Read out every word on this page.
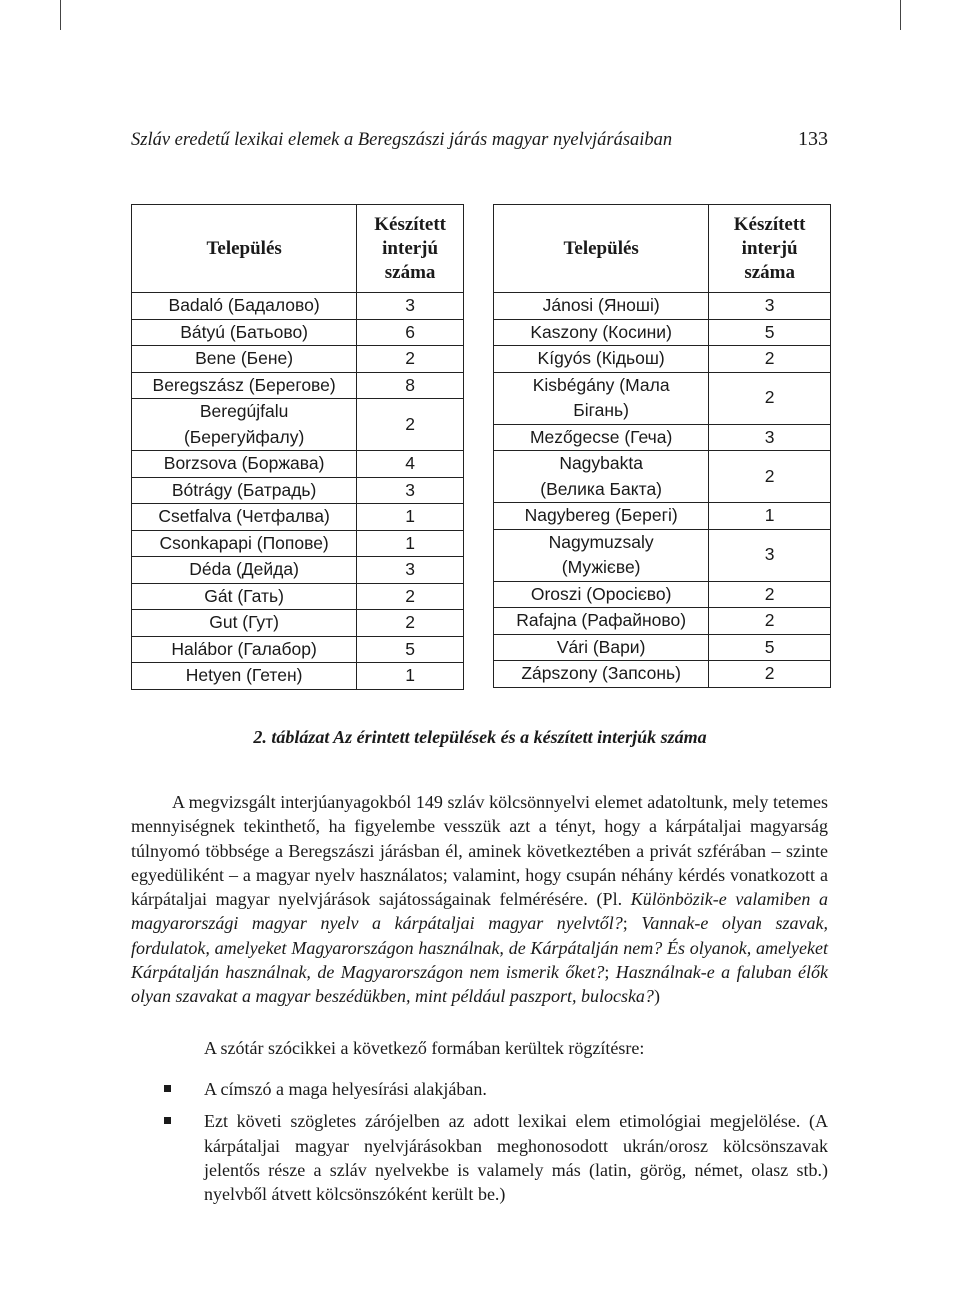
Szláv eredetű lexikai elemek a Beregszászi járás magyar nyelvjárásaiban	133
Település	Készített
interjú
száma
Badaló (Бадалово)	3
Bátyú (Батьово)	6
Bene (Бене)	2
Beregszász (Берегове)	8

Beregújfalu
(Берегуйфалу)	2
Borzsova (Боржава)	4
Bótrágy (Батрадь)	3
Csetfalva (Четфалва)	1
Csonkapapi (Попове)	1
Déda (Дейда)	3
Gát (Гать)	2
Gut (Гут)	2
Halábor (Галабор)	5
Hetyen (Гетен)	1
Település	Készített
interjú
száma
Jánosi (Яноші)	3
Kaszony (Косини)	5
Kígyós (Кідьош)	2

Kisbégány (Мала
Бігань)	2
Mezőgecse (Геча)	3

Nagybakta
(Велика Бакта)	2
Nagybereg (Берегі)	1

Nagymuzsaly
(Мужієве)	3
Oroszi (Оросієво)	2
Rafajna (Рафайново)	2
Vári (Вари)	5
Zápszony (Запсонь)	2
2. táblázat Az érintett települések és a készített interjúk száma

A megvizsgált interjúanyagokból 149 szláv kölcsönnyelvi elemet adatoltunk, mely tetemes mennyiségnek tekinthető, ha figyelembe vesszük azt a tényt, hogy a kárpátaljai magyarság túlnyomó többsége a Beregszászi járásban él, aminek következtében a privát szférában – szinte egyedüliként – a magyar nyelv használatos; valamint, hogy csupán néhány kérdés vonatkozott a kárpátaljai magyar nyelvjárások sajátosságainak felmérésére. (Pl. Különbözik-e valamiben a magyarországi magyar nyelv a kárpátaljai magyar nyelvtől?; Vannak-e olyan szavak, fordulatok, amelyeket Magyarországon használnak, de Kárpátalján nem? És olyanok, amelyeket Kárpátalján használnak, de Magyarországon nem ismerik őket?; Használnak-e a faluban élők olyan szavakat a magyar beszédükben, mint például paszport, bulocska?)

A szótár szócikkei a következő formában kerültek rögzítésre:

A címszó a maga helyesírási alakjában.
Ezt követi szögletes zárójelben az adott lexikai elem etimológiai megjelölése. (A kárpátaljai magyar nyelvjárásokban meghonosodott ukrán/orosz kölcsönszavak jelentős része a szláv nyelvekbe is valamely más (latin, görög, német, olasz stb.) nyelvből átvett kölcsönszóként került be.)
